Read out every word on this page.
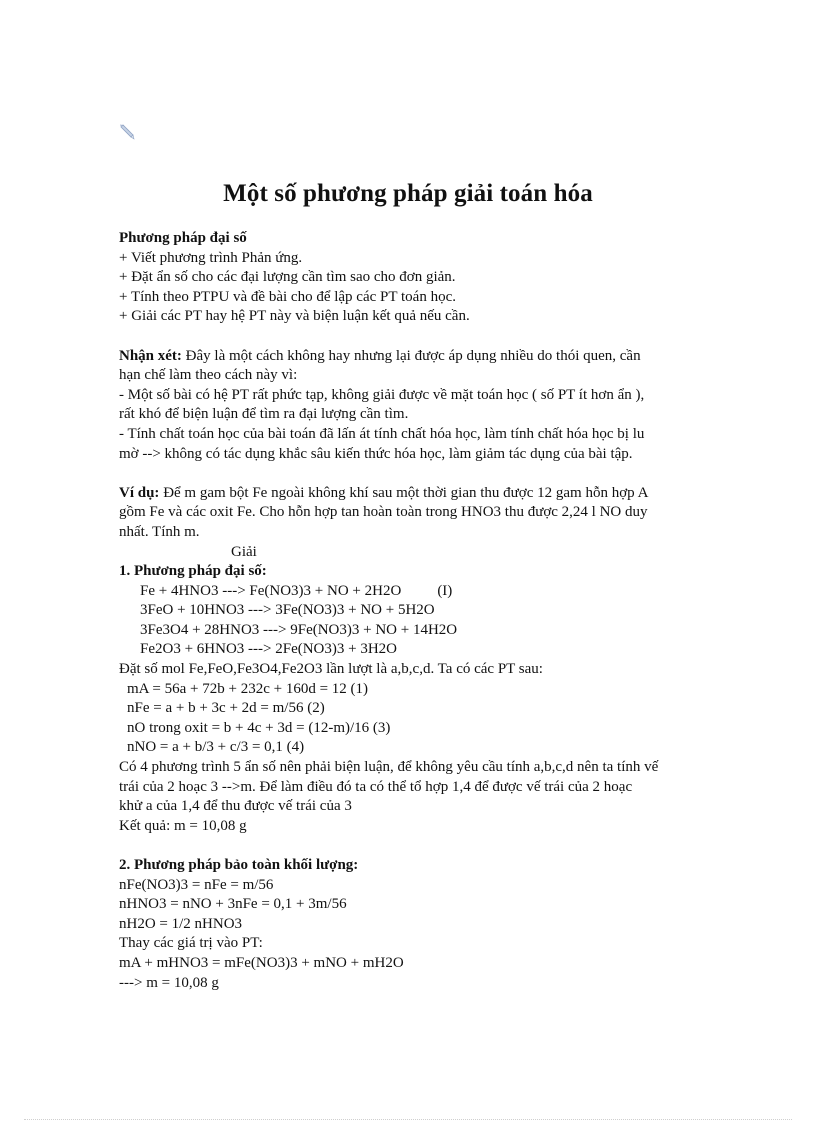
Một số phương pháp giải toán hóa
Phương pháp đại số
+ Viết phương trình Phản ứng.
+ Đặt ẩn số cho các đại lượng cần tìm sao cho đơn giản.
+ Tính theo PTPU và đề bài cho để lập các PT toán học.
+ Giải các PT hay hệ PT này và biện luận kết quả nếu cần.
Nhận xét: Đây là một cách không hay nhưng lại được áp dụng nhiều do thói quen, cần
hạn chế làm theo cách này vì:
- Một số bài có hệ PT rất phức tạp, không giải được về mặt toán học ( số PT ít hơn ẩn ),
rất khó để biện luận để tìm ra đại lượng cần tìm.
- Tính chất toán học của bài toán đã lấn át tính chất hóa học, làm tính chất hóa học bị lu
mờ --> không có tác dụng khắc sâu kiến thức hóa học, làm giảm tác dụng của bài tập.
Ví dụ: Để m gam bột Fe ngoài không khí sau một thời gian thu được 12 gam hỗn hợp A
gồm Fe và các oxit Fe. Cho hỗn hợp tan hoàn toàn trong HNO3 thu được 2,24 l NO duy
nhất. Tính m.
Giải
1. Phương pháp đại số:
Fe + 4HNO3 ---> Fe(NO3)3 + NO + 2H2O (I)
3FeO + 10HNO3 ---> 3Fe(NO3)3 + NO + 5H2O
3Fe3O4 + 28HNO3 ---> 9Fe(NO3)3 + NO + 14H2O
Fe2O3 + 6HNO3 ---> 2Fe(NO3)3 + 3H2O
Đặt số mol Fe,FeO,Fe3O4,Fe2O3 lần lượt là a,b,c,d. Ta có các PT sau:
mA = 56a + 72b + 232c + 160d = 12 (1)
nFe = a + b + 3c + 2d = m/56 (2)
nO trong oxit = b + 4c + 3d = (12-m)/16 (3)
nNO = a + b/3 + c/3 = 0,1 (4)
Có 4 phương trình 5 ẩn số nên phải biện luận, để không yêu cầu tính a,b,c,d nên ta tính vế
trái của 2 hoạc 3 -->m. Để làm điều đó ta có thể tổ hợp 1,4 để được vế trái của 2 hoạc
khử a của 1,4 để thu được vế trái của 3
Kết quả: m = 10,08 g
2. Phương pháp bảo toàn khối lượng:
nFe(NO3)3 = nFe = m/56
nHNO3 = nNO + 3nFe = 0,1 + 3m/56
nH2O = 1/2 nHNO3
Thay các giá trị vào PT:
mA + mHNO3 = mFe(NO3)3 + mNO + mH2O
---> m = 10,08 g
